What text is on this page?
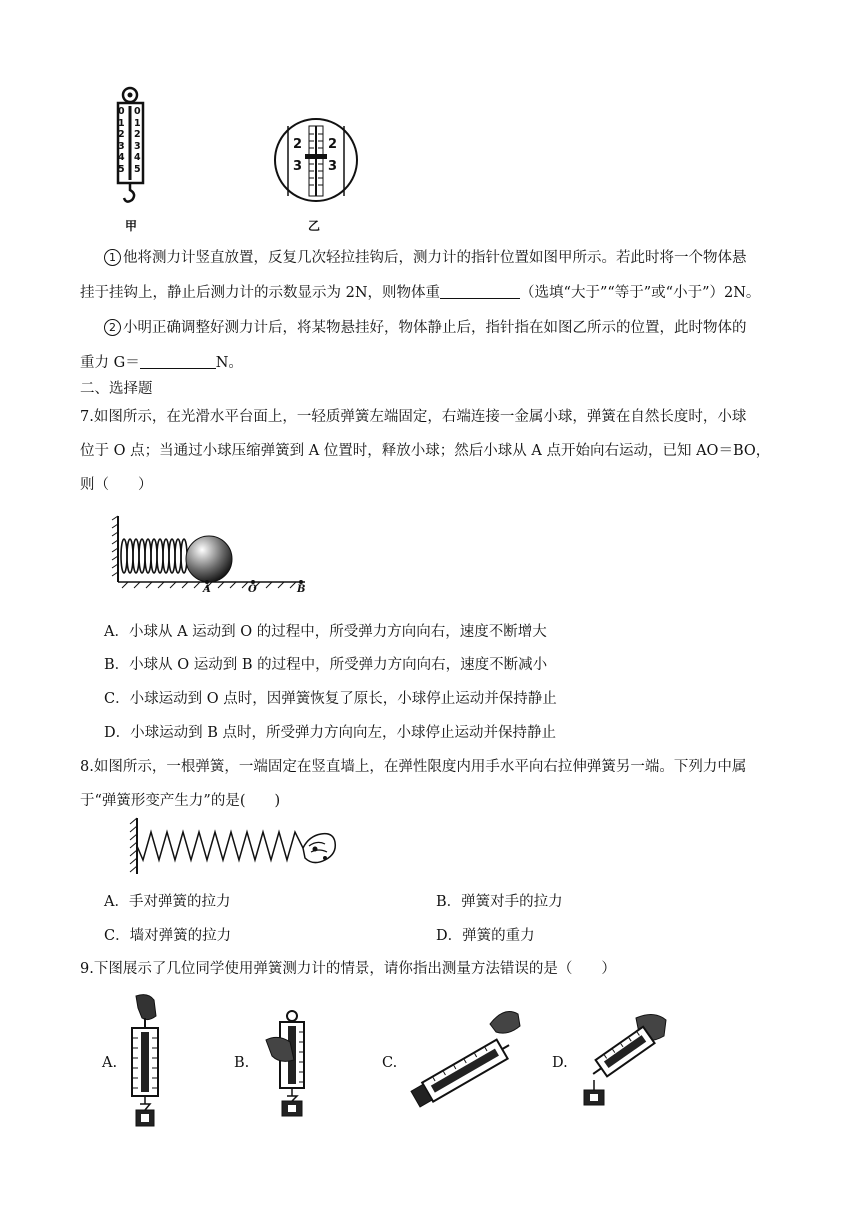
0
1
2
3
4
5
0
1
2
3
4
5
甲
2
3
2
3
乙
1 他将测力计竖直放置，反复几次轻拉挂钩后，测力计的指针位置如图甲所示。若此时将一个物体悬
挂于挂钩上，静止后测力计的示数显示为 2N，则物体重	（选填“大于”“等于”或“小于”）2N。
2 小明正确调整好测力计后，将某物悬挂好，物体静止后，指针指在如图乙所示的位置，此时物体的
重力 G＝	N。
二、选择题
7.如图所示，在光滑水平台面上，一轻质弹簧左端固定，右端连接一金属小球，弹簧在自然长度时，小球
位于 O 点；当通过小球压缩弹簧到 A 位置时，释放小球；然后小球从 A 点开始向右运动，已知 AO＝BO，
则（　　）
A	O	B
A．小球从 A 运动到 O 的过程中，所受弹力方向向右，速度不断增大
B．小球从 O 运动到 B 的过程中，所受弹力方向向右，速度不断减小
C．小球运动到 O 点时，因弹簧恢复了原长，小球停止运动并保持静止
D．小球运动到 B 点时，所受弹力方向向左，小球停止运动并保持静止
8.如图所示，一根弹簧，一端固定在竖直墙上，在弹性限度内用手水平向右拉伸弹簧另一端。下列力中属
于“弹簧形变产生力”的是(　　)
A．手对弹簧的拉力	B．弹簧对手的拉力
C．墙对弹簧的拉力	D．弹簧的重力
9.下图展示了几位同学使用弹簧测力计的情景，请你指出测量方法错误的是（　　）
A.	B.	C.	D.
